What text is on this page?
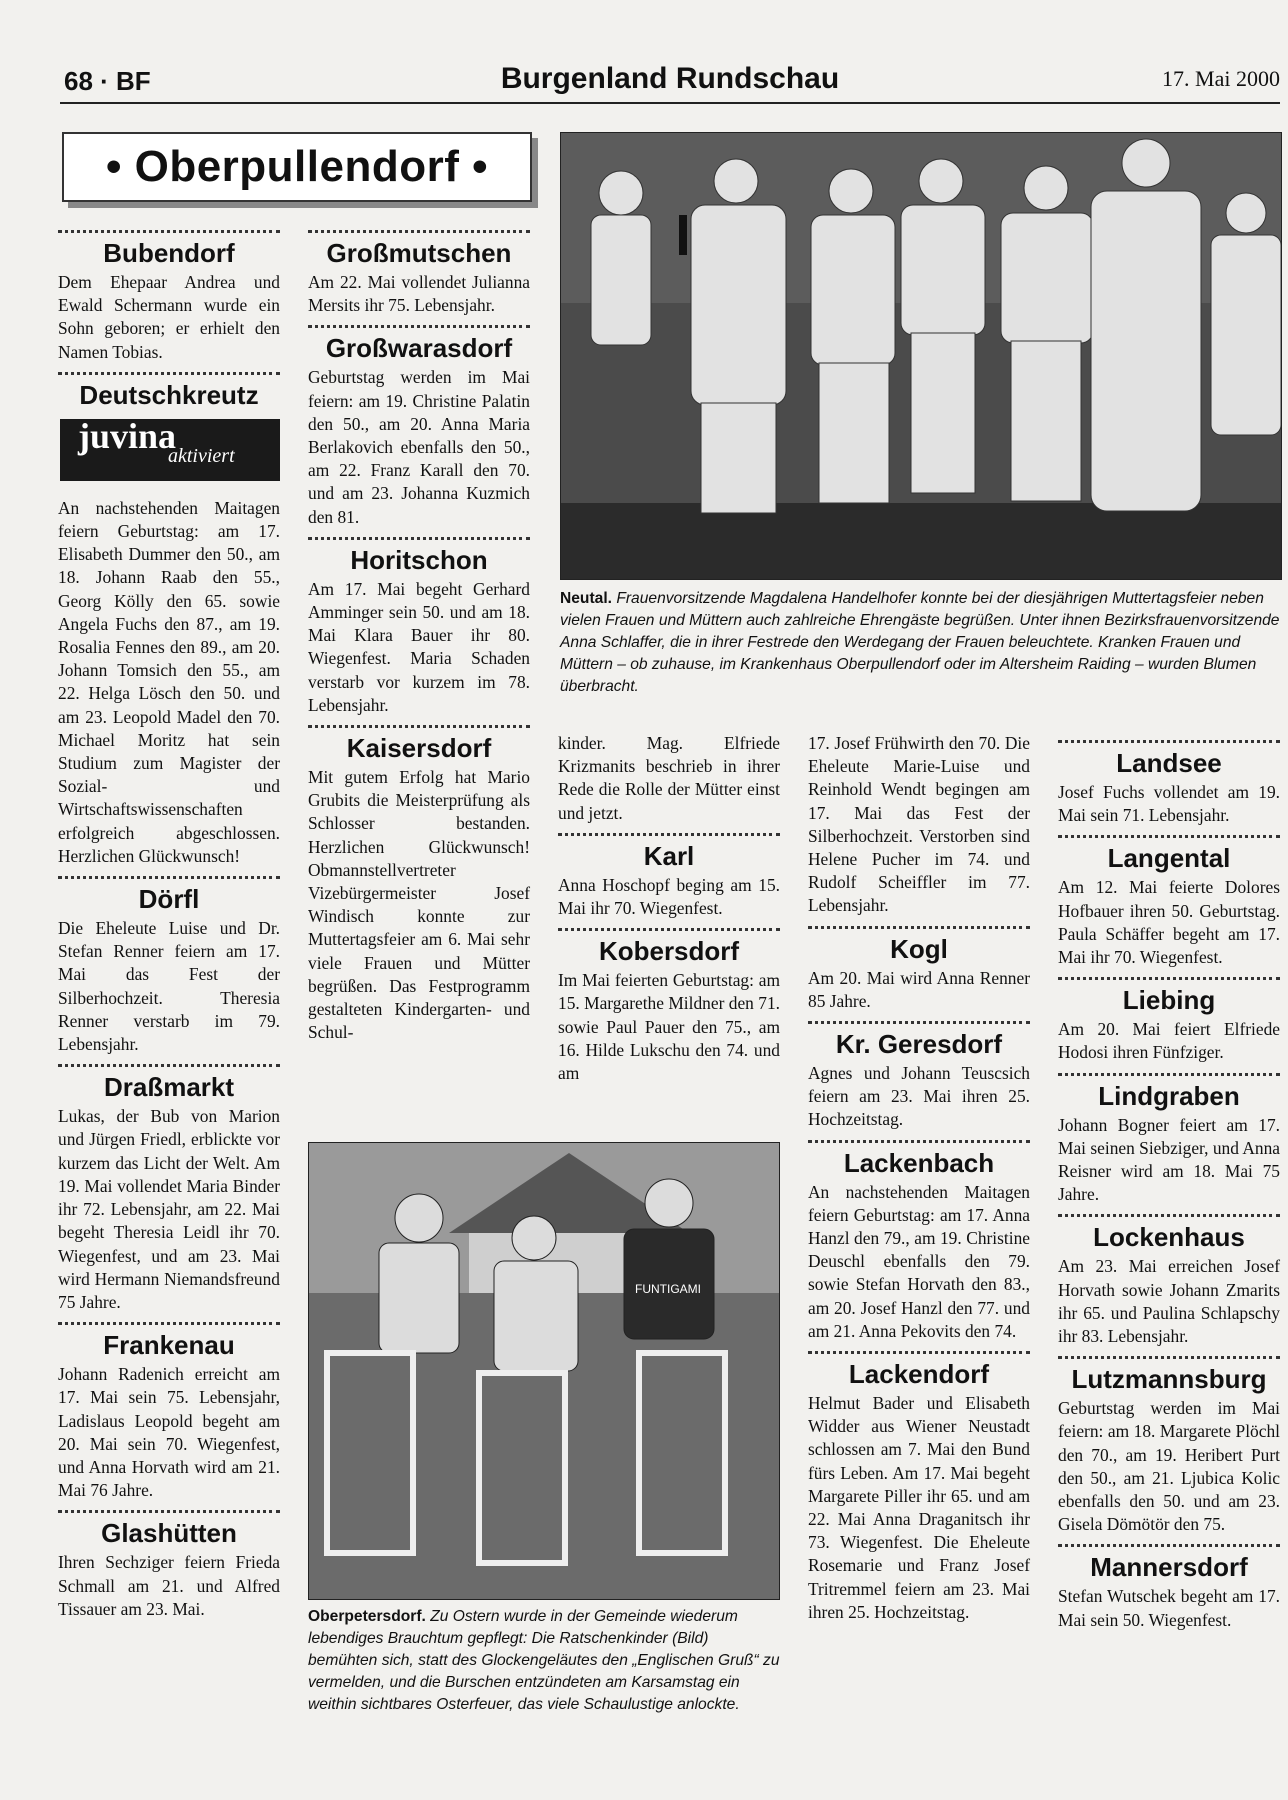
68 · BF	Burgenland Rundschau	17. Mai 2000
• Oberpullendorf •
Bubendorf

Dem Ehepaar Andrea und Ewald Schermann wurde ein Sohn geboren; er erhielt den Namen Tobias.

Deutschkreutz
juvina
aktiviert

An nachstehenden Maitagen feiern Geburtstag: am 17. Elisabeth Dummer den 50., am 18. Johann Raab den 55., Georg Kölly den 65. sowie Angela Fuchs den 87., am 19. Rosalia Fennes den 89., am 20. Johann Tomsich den 55., am 22. Helga Lösch den 50. und am 23. Leopold Madel den 70. Michael Moritz hat sein Studium zum Magister der Sozial- und Wirtschaftswissenschaften erfolgreich abgeschlossen. Herzlichen Glückwunsch!

Dörfl

Die Eheleute Luise und Dr. Stefan Renner feiern am 17. Mai das Fest der Silberhochzeit. Theresia Renner verstarb im 79. Lebensjahr.

Draßmarkt

Lukas, der Bub von Marion und Jürgen Friedl, erblickte vor kurzem das Licht der Welt. Am 19. Mai vollendet Maria Binder ihr 72. Lebensjahr, am 22. Mai begeht Theresia Leidl ihr 70. Wiegenfest, und am 23. Mai wird Hermann Niemandsfreund 75 Jahre.

Frankenau

Johann Radenich erreicht am 17. Mai sein 75. Lebensjahr, Ladislaus Leopold begeht am 20. Mai sein 70. Wiegenfest, und Anna Horvath wird am 21. Mai 76 Jahre.

Glashütten

Ihren Sechziger feiern Frieda Schmall am 21. und Alfred Tissauer am 23. Mai.

Großmutschen

Am 22. Mai vollendet Julianna Mersits ihr 75. Lebensjahr.

Großwarasdorf

Geburtstag werden im Mai feiern: am 19. Christine Palatin den 50., am 20. Anna Maria Berlakovich ebenfalls den 50., am 22. Franz Karall den 70. und am 23. Johanna Kuzmich den 81.

Horitschon

Am 17. Mai begeht Gerhard Amminger sein 50. und am 18. Mai Klara Bauer ihr 80. Wiegenfest. Maria Schaden verstarb vor kurzem im 78. Lebensjahr.

Kaisersdorf

Mit gutem Erfolg hat Mario Grubits die Meisterprüfung als Schlosser bestanden. Herzlichen Glückwunsch! Obmannstellvertreter Vizebürgermeister Josef Windisch konnte zur Muttertagsfeier am 6. Mai sehr viele Frauen und Mütter begrüßen. Das Festprogramm gestalteten Kindergarten- und Schul-

Neutal. Frauenvorsitzende Magdalena Handelhofer konnte bei der diesjährigen Muttertagsfeier neben vielen Frauen und Müttern auch zahlreiche Ehrengäste begrüßen. Unter ihnen Bezirksfrauenvorsitzende Anna Schlaffer, die in ihrer Festrede den Werdegang der Frauen beleuchtete. Kranken Frauen und Müttern – ob zuhause, im Krankenhaus Oberpullendorf oder im Altersheim Raiding – wurden Blumen überbracht.

kinder. Mag. Elfriede Krizmanits beschrieb in ihrer Rede die Rolle der Mütter einst und jetzt.

Karl

Anna Hoschopf beging am 15. Mai ihr 70. Wiegenfest.

Kobersdorf

Im Mai feierten Geburtstag: am 15. Margarethe Mildner den 71. sowie Paul Pauer den 75., am 16. Hilde Lukschu den 74. und am

17. Josef Frühwirth den 70. Die Eheleute Marie-Luise und Reinhold Wendt begingen am 17. Mai das Fest der Silberhochzeit. Verstorben sind Helene Pucher im 74. und Rudolf Scheiffler im 77. Lebensjahr.

Kogl

Am 20. Mai wird Anna Renner 85 Jahre.

Kr. Geresdorf

Agnes und Johann Teuscsich feiern am 23. Mai ihren 25. Hochzeitstag.

Lackenbach

An nachstehenden Maitagen feiern Geburtstag: am 17. Anna Hanzl den 79., am 19. Christine Deuschl ebenfalls den 79. sowie Stefan Horvath den 83., am 20. Josef Hanzl den 77. und am 21. Anna Pekovits den 74.

Lackendorf

Helmut Bader und Elisabeth Widder aus Wiener Neustadt schlossen am 7. Mai den Bund fürs Leben. Am 17. Mai begeht Margarete Piller ihr 65. und am 22. Mai Anna Draganitsch ihr 73. Wiegenfest. Die Eheleute Rosemarie und Franz Josef Tritremmel feiern am 23. Mai ihren 25. Hochzeitstag.

Landsee

Josef Fuchs vollendet am 19. Mai sein 71. Lebensjahr.

Langental

Am 12. Mai feierte Dolores Hofbauer ihren 50. Geburtstag. Paula Schäffer begeht am 17. Mai ihr 70. Wiegenfest.

Liebing

Am 20. Mai feiert Elfriede Hodosi ihren Fünfziger.

Lindgraben

Johann Bogner feiert am 17. Mai seinen Siebziger, und Anna Reisner wird am 18. Mai 75 Jahre.

Lockenhaus

Am 23. Mai erreichen Josef Horvath sowie Johann Zmarits ihr 65. und Paulina Schlapschy ihr 83. Lebensjahr.

Lutzmannsburg

Geburtstag werden im Mai feiern: am 18. Margarete Plöchl den 70., am 19. Heribert Purt den 50., am 21. Ljubica Kolic ebenfalls den 50. und am 23. Gisela Dömötör den 75.

Mannersdorf

Stefan Wutschek begeht am 17. Mai sein 50. Wiegenfest.

FUNTIGAMI
Oberpetersdorf. Zu Ostern wurde in der Gemeinde wiederum lebendiges Brauchtum gepflegt: Die Ratschenkinder (Bild) bemühten sich, statt des Glockengeläutes den „Englischen Gruß“ zu vermelden, und die Burschen entzündeten am Karsamstag ein weithin sichtbares Osterfeuer, das viele Schaulustige anlockte.
